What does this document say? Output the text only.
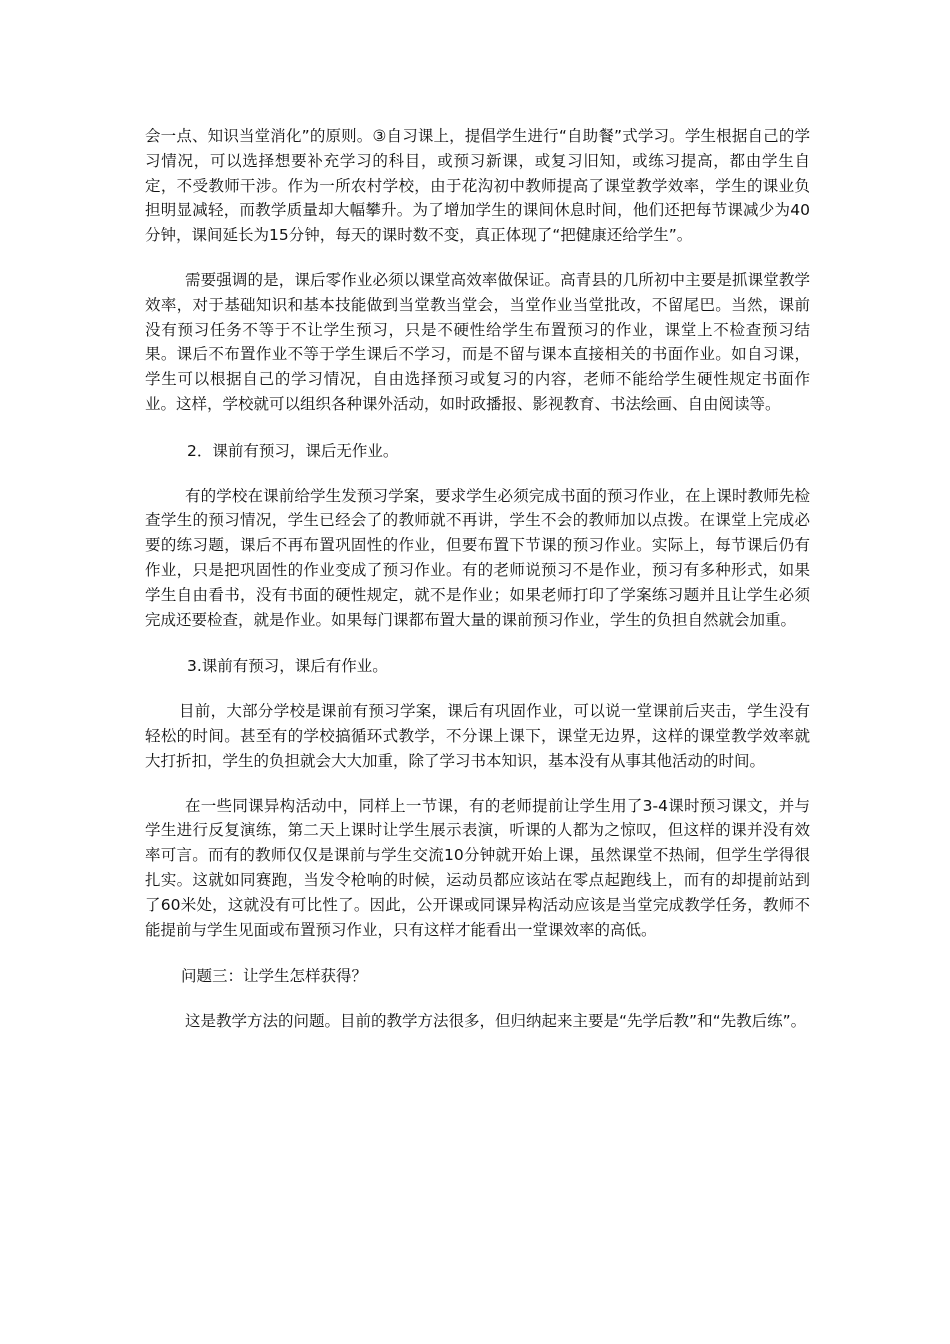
会一点、知识当堂消化”的原则。③自习课上，提倡学生进行“自助餐”式学习。学生根据自己的学习情况，可以选择想要补充学习的科目，或预习新课，或复习旧知，或练习提高，都由学生自定，不受教师干涉。作为一所农村学校，由于花沟初中教师提高了课堂教学效率，学生的课业负担明显减轻，而教学质量却大幅攀升。为了增加学生的课间休息时间，他们还把每节课减少为40分钟，课间延长为15分钟，每天的课时数不变，真正体现了“把健康还给学生”。

需要强调的是，课后零作业必须以课堂高效率做保证。高青县的几所初中主要是抓课堂教学效率，对于基础知识和基本技能做到当堂教当堂会，当堂作业当堂批改，不留尾巴。当然，课前没有预习任务不等于不让学生预习，只是不硬性给学生布置预习的作业，课堂上不检查预习结果。课后不布置作业不等于学生课后不学习，而是不留与课本直接相关的书面作业。如自习课，学生可以根据自己的学习情况，自由选择预习或复习的内容，老师不能给学生硬性规定书面作业。这样，学校就可以组织各种课外活动，如时政播报、影视教育、书法绘画、自由阅读等。

2．课前有预习，课后无作业。

有的学校在课前给学生发预习学案，要求学生必须完成书面的预习作业，在上课时教师先检查学生的预习情况，学生已经会了的教师就不再讲，学生不会的教师加以点拨。在课堂上完成必要的练习题，课后不再布置巩固性的作业，但要布置下节课的预习作业。实际上，每节课后仍有作业，只是把巩固性的作业变成了预习作业。有的老师说预习不是作业，预习有多种形式，如果学生自由看书，没有书面的硬性规定，就不是作业；如果老师打印了学案练习题并且让学生必须完成还要检查，就是作业。如果每门课都布置大量的课前预习作业，学生的负担自然就会加重。

3.课前有预习，课后有作业。

目前，大部分学校是课前有预习学案，课后有巩固作业，可以说一堂课前后夹击，学生没有轻松的时间。甚至有的学校搞循环式教学，不分课上课下，课堂无边界，这样的课堂教学效率就大打折扣，学生的负担就会大大加重，除了学习书本知识，基本没有从事其他活动的时间。

在一些同课异构活动中，同样上一节课，有的老师提前让学生用了3-4课时预习课文，并与学生进行反复演练，第二天上课时让学生展示表演，听课的人都为之惊叹，但这样的课并没有效率可言。而有的教师仅仅是课前与学生交流10分钟就开始上课，虽然课堂不热闹，但学生学得很扎实。这就如同赛跑，当发令枪响的时候，运动员都应该站在零点起跑线上，而有的却提前站到了60米处，这就没有可比性了。因此，公开课或同课异构活动应该是当堂完成教学任务，教师不能提前与学生见面或布置预习作业，只有这样才能看出一堂课效率的高低。

问题三：让学生怎样获得？

这是教学方法的问题。目前的教学方法很多，但归纳起来主要是“先学后教”和“先教后练”。
